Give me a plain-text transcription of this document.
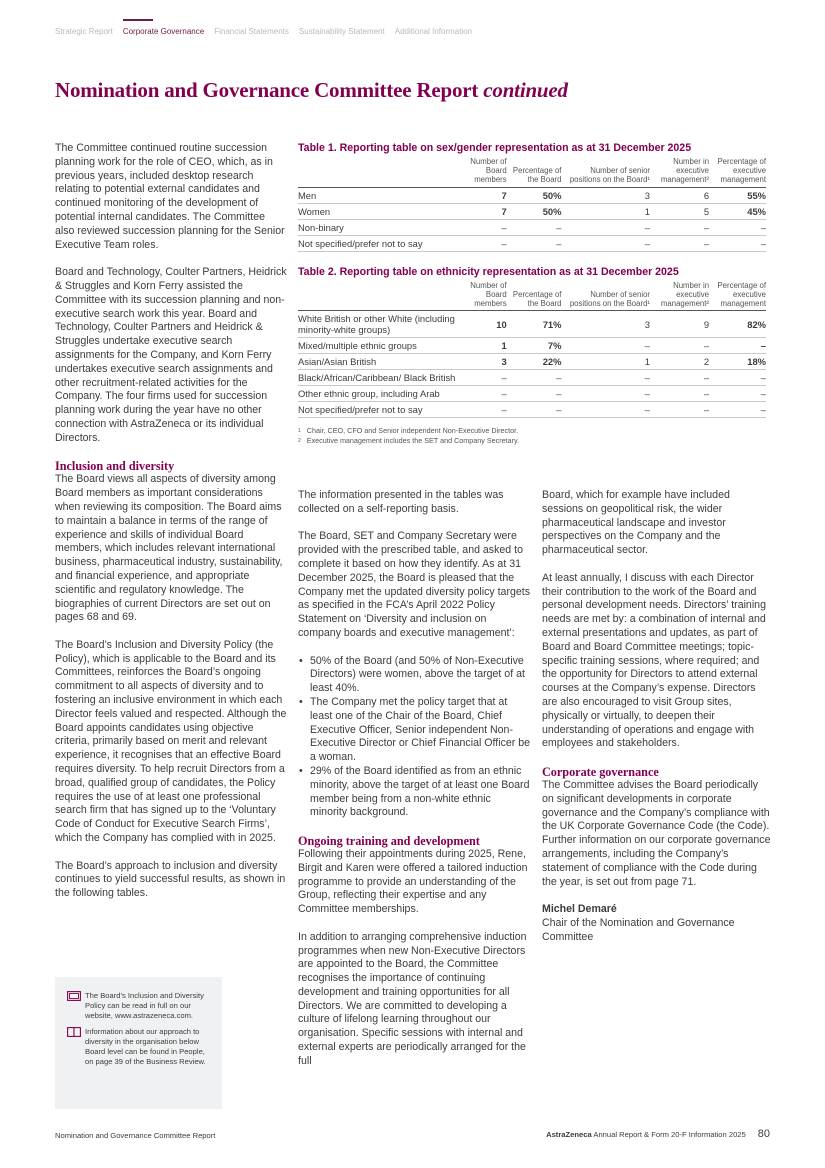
Strategic Report Corporate Governance Financial Statements Sustainability Statement Additional Information
Nomination and Governance Committee Report continued

The Committee continued routine succession planning work for the role of CEO, which, as in previous years, included desktop research relating to potential external candidates and continued monitoring of the development of potential internal candidates. The Committee also reviewed succession planning for the Senior Executive Team roles.

Board and Technology, Coulter Partners, Heidrick & Struggles and Korn Ferry assisted the Committee with its succession planning and non-executive search work this year. Board and Technology, Coulter Partners and Heidrick & Struggles undertake executive search assignments for the Company, and Korn Ferry undertakes executive search assignments and other recruitment-related activities for the Company. The four firms used for succession planning work during the year have no other connection with AstraZeneca or its individual Directors.

Inclusion and diversity

The Board views all aspects of diversity among Board members as important considerations when reviewing its composition. The Board aims to maintain a balance in terms of the range of experience and skills of individual Board members, which includes relevant international business, pharmaceutical industry, sustainability, and financial experience, and appropriate scientific and regulatory knowledge. The biographies of current Directors are set out on pages 68 and 69.

The Board’s Inclusion and Diversity Policy (the Policy), which is applicable to the Board and its Committees, reinforces the Board’s ongoing commitment to all aspects of diversity and to fostering an inclusive environment in which each Director feels valued and respected. Although the Board appoints candidates using objective criteria, primarily based on merit and relevant experience, it recognises that an effective Board requires diversity. To help recruit Directors from a broad, qualified group of candidates, the Policy requires the use of at least one professional search firm that has signed up to the ‘Voluntary Code of Conduct for Executive Search Firms’, which the Company has complied with in 2025.

The Board’s approach to inclusion and diversity continues to yield successful results, as shown in the following tables.

The Board’s Inclusion and Diversity Policy can be read in full on our website, www.astrazeneca.com.
Information about our approach to diversity in the organisation below Board level can be found in People, on page 39 of the Business Review.
Table 1. Reporting table on sex/gender representation as at 31 December 2025
	Number of Board members	Percentage of the Board	Number of senior positions on the Board¹	Number in executive management²	Percentage of executive management
Men	7	50%	3	6	55%
Women	7	50%	1	5	45%
Non-binary	–	–	–	–	–
Not specified/prefer not to say	–	–	–	–	–
Table 2. Reporting table on ethnicity representation as at 31 December 2025
	Number of Board members	Percentage of the Board	Number of senior positions on the Board¹	Number in executive management²	Percentage of executive management
White British or other White (including minority-white groups)	10	71%	3	9	82%
Mixed/multiple ethnic groups	1	7%	–	–	–
Asian/Asian British	3	22%	1	2	18%
Black/African/Caribbean/ Black British	–	–	–	–	–
Other ethnic group, including Arab	–	–	–	–	–
Not specified/prefer not to say	–	–	–	–	–
$^1$ Chair, CEO, CFO and Senior independent Non-Executive Director.
$^2$ Executive management includes the SET and Company Secretary.

The information presented in the tables was collected on a self-reporting basis.

The Board, SET and Company Secretary were provided with the prescribed table, and asked to complete it based on how they identify. As at 31 December 2025, the Board is pleased that the Company met the updated diversity policy targets as specified in the FCA’s April 2022 Policy Statement on ‘Diversity and inclusion on company boards and executive management’:

• 50% of the Board (and 50% of Non-Executive Directors) were women, above the target of at least 40%.
• The Company met the policy target that at least one of the Chair of the Board, Chief Executive Officer, Senior independent Non-Executive Director or Chief Financial Officer be a woman.
• 29% of the Board identified as from an ethnic minority, above the target of at least one Board member being from a non-white ethnic minority background.
Ongoing training and development

Following their appointments during 2025, Rene, Birgit and Karen were offered a tailored induction programme to provide an understanding of the Group, reflecting their expertise and any Committee memberships.

In addition to arranging comprehensive induction programmes when new Non-Executive Directors are appointed to the Board, the Committee recognises the importance of continuing development and training opportunities for all Directors. We are committed to developing a culture of lifelong learning throughout our organisation. Specific sessions with internal and external experts are periodically arranged for the full

Board, which for example have included sessions on geopolitical risk, the wider pharmaceutical landscape and investor perspectives on the Company and the pharmaceutical sector.

At least annually, I discuss with each Director their contribution to the work of the Board and personal development needs. Directors’ training needs are met by: a combination of internal and external presentations and updates, as part of Board and Board Committee meetings; topic-specific training sessions, where required; and the opportunity for Directors to attend external courses at the Company’s expense. Directors are also encouraged to visit Group sites, physically or virtually, to deepen their understanding of operations and engage with employees and stakeholders.

Corporate governance

The Committee advises the Board periodically on significant developments in corporate governance and the Company’s compliance with the UK Corporate Governance Code (the Code). Further information on our corporate governance arrangements, including the Company’s statement of compliance with the Code during the year, is set out from page 71.

Michel Demaré
Chair of the Nomination and Governance Committee
Nomination and Governance Committee Report	AstraZeneca Annual Report & Form 20-F Information 2025 80
